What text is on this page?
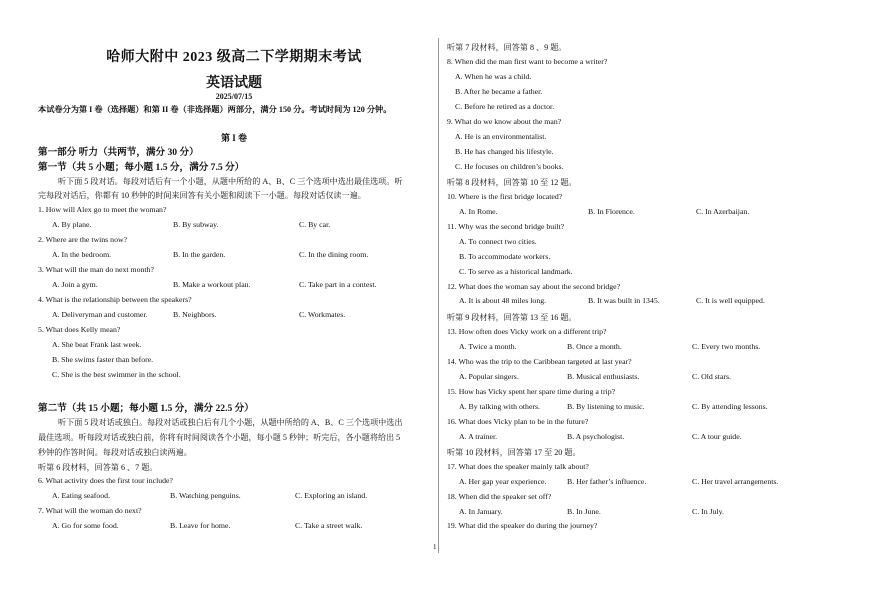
哈师大附中 2023 级高二下学期期末考试
英语试题
2025/07/15
本试卷分为第 I 卷（选择题）和第 II 卷（非选择题）两部分，满分 150 分。考试时间为 120 分钟。
第 I 卷
第一部分 听力（共两节，满分 30 分）
第一节（共 5 小题；每小题 1.5 分，满分 7.5 分）
听下面 5 段对话。每段对话后有一个小题，从题中所给的 A、B、C 三个选项中选出最佳选项。听
完每段对话后，你都有 10 秒钟的时间来回答有关小题和阅读下一小题。每段对话仅读一遍。
1. How will Alex go to meet the woman?
A. By plane.	B. By subway.	C. By car.
2. Where are the twins now?
A. In the bedroom.	B. In the garden.	C. In the dining room.
3. What will the man do next month?
A. Join a gym.	B. Make a workout plan.	C. Take part in a contest.
4. What is the relationship between the speakers?
A. Deliveryman and customer.	B. Neighbors.	C. Workmates.
5. What does Kelly mean?
A. She beat Frank last week.
B. She swims faster than before.
C. She is the best swimmer in the school.
第二节（共 15 小题；每小题 1.5 分，满分 22.5 分）
听下面 5 段对话或独白。每段对话或独白后有几个小题，从题中所给的 A、B、C 三个选项中选出
最佳选项。听每段对话或独白前，你将有时间阅读各个小题，每小题 5 秒钟；听完后，各小题将给出 5
秒钟的作答时间。每段对话或独白读两遍。
听第 6 段材料，回答第 6 、7 题。
6. What activity does the first tour include?
A. Eating seafood.	B. Watching penguins.	C. Exploring an island.
7. What will the woman do next?
A. Go for some food.	B. Leave for home.	C. Take a street walk.
听第 7 段材料，回答第 8 、9 题。
8. When did the man first want to become a writer?
A. When he was a child.
B. After he became a father.
C. Before he retired as a doctor.
9. What do we know about the man?
A. He is an environmentalist.
B. He has changed his lifestyle.
C. He focuses on children’s books.
听第 8 段材料，回答第 10 至 12 题。
10. Where is the first bridge located?
A. In Rome.	B. In Florence.	C. In Azerbaijan.
11. Why was the second bridge built?
A. To connect two cities.
B. To accommodate workers.
C. To serve as a historical landmark.
12. What does the woman say about the second bridge?
A. It is about 48 miles long.	B. It was built in 1345.	C. It is well equipped.
听第 9 段材料，回答第 13 至 16 题。
13. How often does Vicky work on a different trip?
A. Twice a month.	B. Once a month.	C. Every two months.
14. Who was the trip to the Caribbean targeted at last year?
A. Popular singers.	B. Musical enthusiasts.	C. Old stars.
15. How has Vicky spent her spare time during a trip?
A. By talking with others.	B. By listening to music.	C. By attending lessons.
16. What does Vicky plan to be in the future?
A. A trainer.	B. A psychologist.	C. A tour guide.
听第 10 段材料，回答第 17 至 20 题。
17. What does the speaker mainly talk about?
A. Her gap year experience.	B. Her father’s influence.	C. Her travel arrangements.
18. When did the speaker set off?
A. In January.	B. In June.	C. In July.
19. What did the speaker do during the journey?
1
